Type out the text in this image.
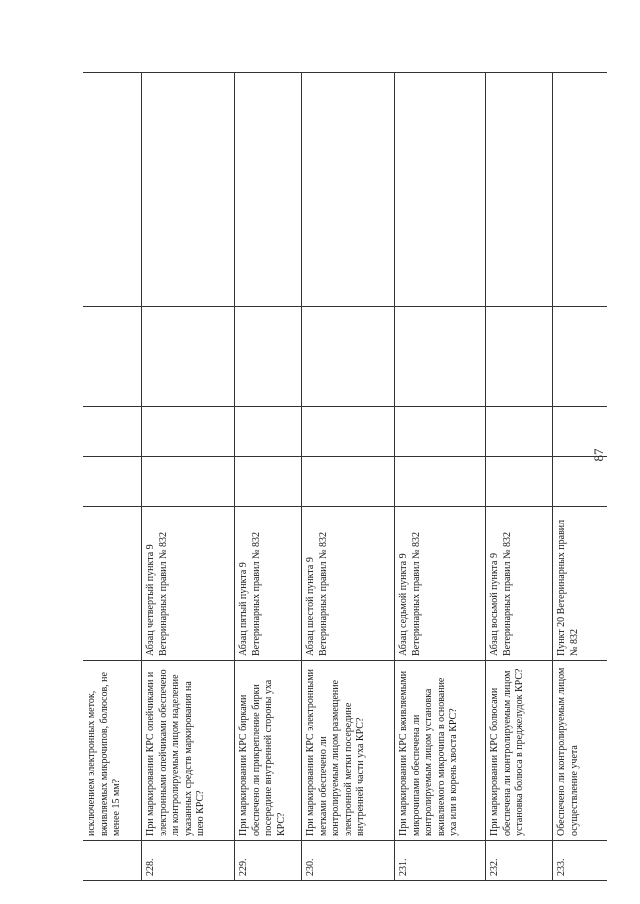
87
	исключением электронных меток, вживляемых микрочипов, болюсов, не менее 15 мм?					
228.	При маркировании КРС опейчиками и электронными опейчиками обеспечено ли контролируемым лицом наделение указанных средств маркирования на шею КРС?	Абзац четвертый пункта 9 Ветеринарных правил № 832				
229.	При маркировании КРС бирками обеспечено ли прикрепление бирки посередине внутренней стороны уха КРС?	Абзац пятый пункта 9 Ветеринарных правил № 832				
230.	При маркировании КРС электронными метками обеспечено ли контролируемым лицом размещение электронной метки посередине внутренней части уха КРС?	Абзац шестой пункта 9 Ветеринарных правил № 832				
231.	При маркировании КРС вживляемыми микрочипами обеспечена ли контролируемым лицом установка вживляемого микрочипа в основание уха или в корень хвоста КРС?	Абзац седьмой пункта 9 Ветеринарных правил № 832				
232.	При маркировании КРС болюсами обеспечена ли контролируемым лицом установка болюса в преджелудок КРС?	Абзац восьмой пункта 9 Ветеринарных правил № 832				
233.	Обеспечено ли контролируемым лицом осуществление учета	Пункт 20 Ветеринарных правил № 832				
